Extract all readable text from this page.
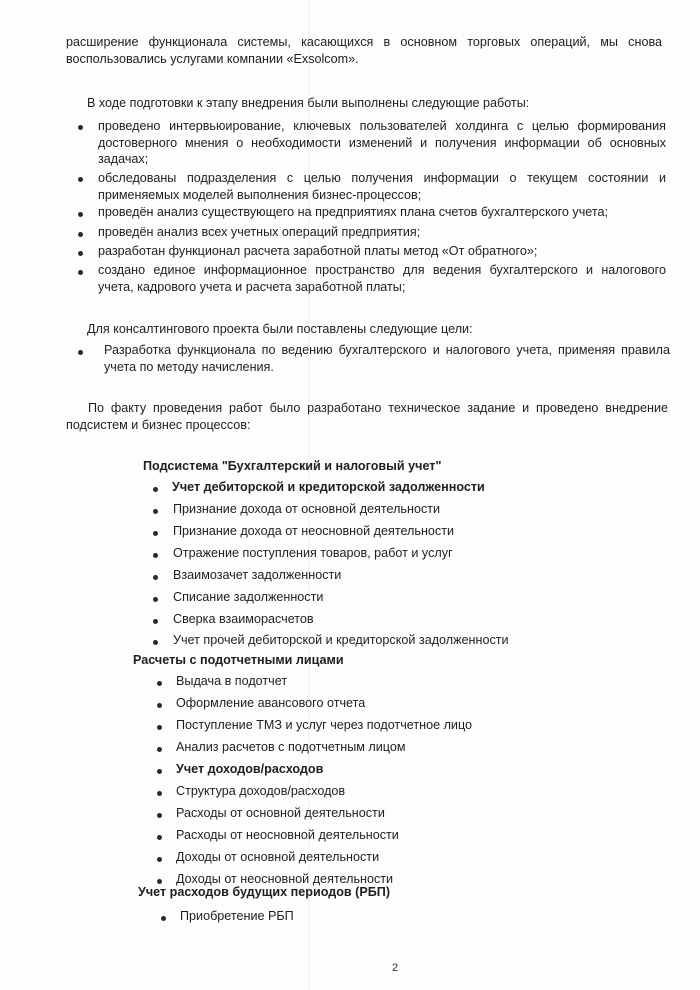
расширение функционала системы, касающихся в основном торговых операций, мы снова воспользовались услугами компании «Exsolcom».
В ходе подготовки к этапу внедрения были выполнены следующие работы:
проведено интервьюирование, ключевых пользователей холдинга с целью формирования достоверного мнения о необходимости изменений и получения информации об основных задачах;
обследованы подразделения с целью получения информации о текущем состоянии и применяемых моделей выполнения бизнес-процессов;
проведён анализ существующего на предприятиях плана счетов бухгалтерского учета;
проведён анализ всех учетных операций предприятия;
разработан функционал расчета заработной платы метод «От обратного»;
создано единое информационное пространство для ведения бухгалтерского и налогового учета, кадрового учета и расчета заработной платы;
Для консалтингового проекта были поставлены следующие цели:
Разработка функционала по ведению бухгалтерского и налогового учета, применяя правила учета по методу начисления.
По факту проведения работ было разработано техническое задание и проведено внедрение подсистем и бизнес процессов:
Подсистема "Бухгалтерский и налоговый учет"
Учет дебиторской и кредиторской задолженности
Признание дохода от основной деятельности
Признание дохода от неосновной деятельности
Отражение поступления товаров, работ и услуг
Взаимозачет задолженности
Списание задолженности
Сверка взаиморасчетов
Учет прочей дебиторской и кредиторской задолженности
Расчеты с подотчетными лицами
Выдача в подотчет
Оформление авансового отчета
Поступление ТМЗ и услуг через подотчетное лицо
Анализ расчетов с подотчетным лицом
Учет доходов/расходов
Структура доходов/расходов
Расходы от основной деятельности
Расходы от неосновной деятельности
Доходы от основной деятельности
Доходы от неосновной деятельности
Учет расходов будущих периодов (РБП)
Приобретение РБП
2
